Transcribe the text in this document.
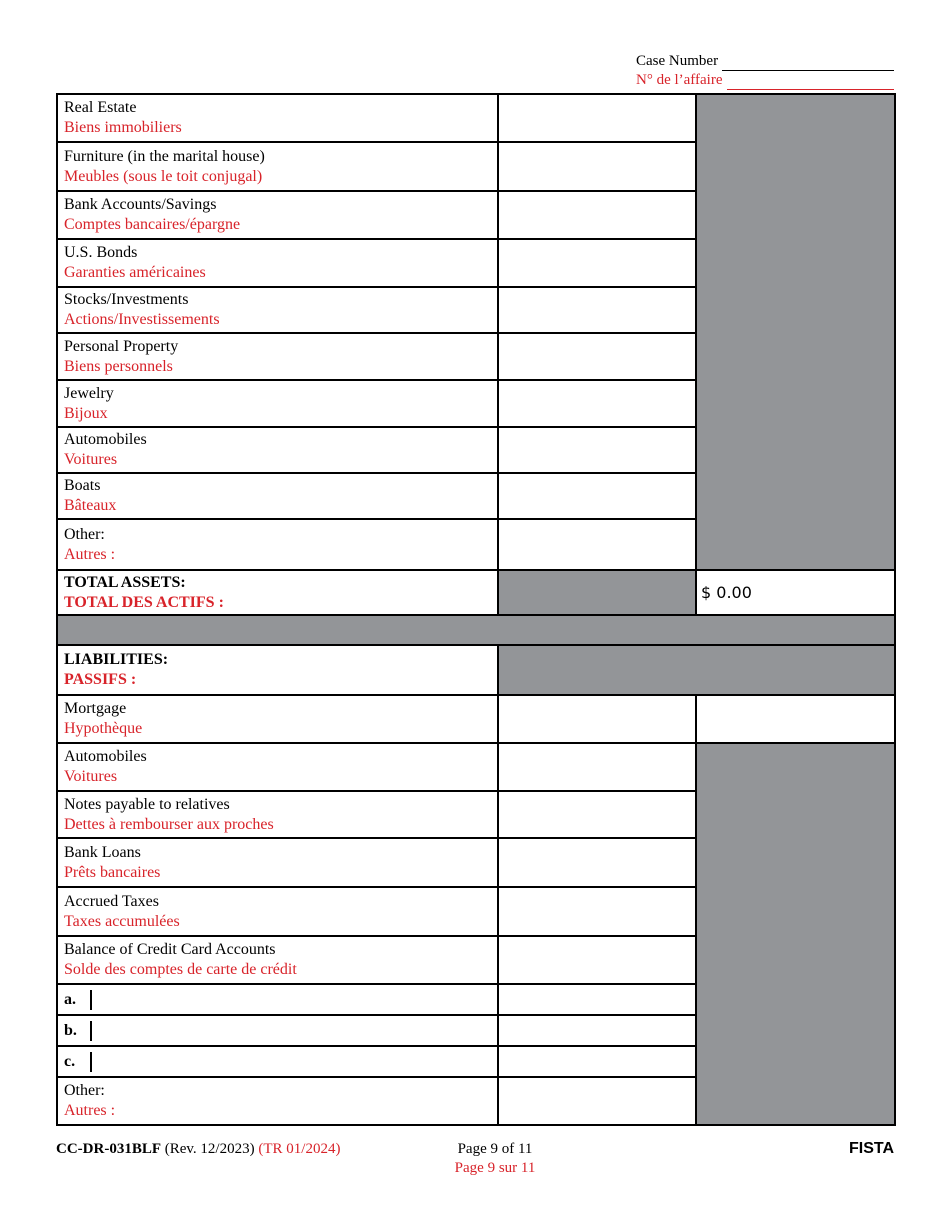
Case Number
N° de l’affaire
Real Estate
Biens immobiliers		

Furniture (in the marital house)
Meubles (sous le toit conjugal)		

Bank Accounts/Savings
Comptes bancaires/épargne		

U.S. Bonds
Garanties américaines		

Stocks/Investments
Actions/Investissements		

Personal Property
Biens personnels		

Jewelry
Bijoux		

Automobiles
Voitures		

Boats
Bâteaux		

Other:
Autres :		

TOTAL ASSETS:
TOTAL DES ACTIFS :		$ 0.00

LIABILITIES:
PASSIFS :		

Mortgage
Hypothèque		

Automobiles
Voitures		

Notes payable to relatives
Dettes à rembourser aux proches		

Bank Loans
Prêts bancaires		

Accrued Taxes
Taxes accumulées		

Balance of Credit Card Accounts
Solde des comptes de carte de crédit		

a.		

b.		

c.		

Other:
Autres :		

CC-DR-031BLF (Rev. 12/2023) (TR 01/2024)	Page 9 of 11
Page 9 sur 11
FISTA
